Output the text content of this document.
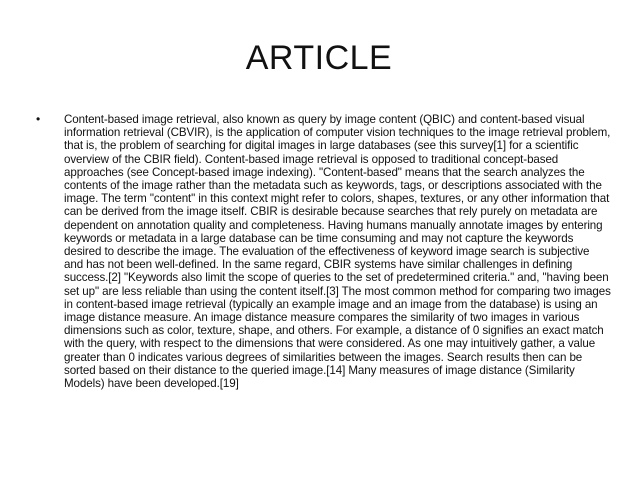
ARTICLE
•	Content-based image retrieval, also known as query by image content (QBIC) and content-based visual information retrieval (CBVIR), is the application of computer vision techniques to the image retrieval problem, that is, the problem of searching for digital images in large databases (see this survey[1] for a scientific overview of the CBIR field). Content-based image retrieval is opposed to traditional concept-based approaches (see Concept-based image indexing). "Content-based" means that the search analyzes the contents of the image rather than the metadata such as keywords, tags, or descriptions associated with the image. The term "content" in this context might refer to colors, shapes, textures, or any other information that can be derived from the image itself. CBIR is desirable because searches that rely purely on metadata are dependent on annotation quality and completeness. Having humans manually annotate images by entering keywords or metadata in a large database can be time consuming and may not capture the keywords desired to describe the image. The evaluation of the effectiveness of keyword image search is subjective and has not been well-defined. In the same regard, CBIR systems have similar challenges in defining success.[2] "Keywords also limit the scope of queries to the set of predetermined criteria." and, "having been set up" are less reliable than using the content itself.[3] The most common method for comparing two images in content-based image retrieval (typically an example image and an image from the database) is using an image distance measure. An image distance measure compares the similarity of two images in various dimensions such as color, texture, shape, and others. For example, a distance of 0 signifies an exact match with the query, with respect to the dimensions that were considered. As one may intuitively gather, a value greater than 0 indicates various degrees of similarities between the images. Search results then can be sorted based on their distance to the queried image.[14] Many measures of image distance (Similarity Models) have been developed.[19]
